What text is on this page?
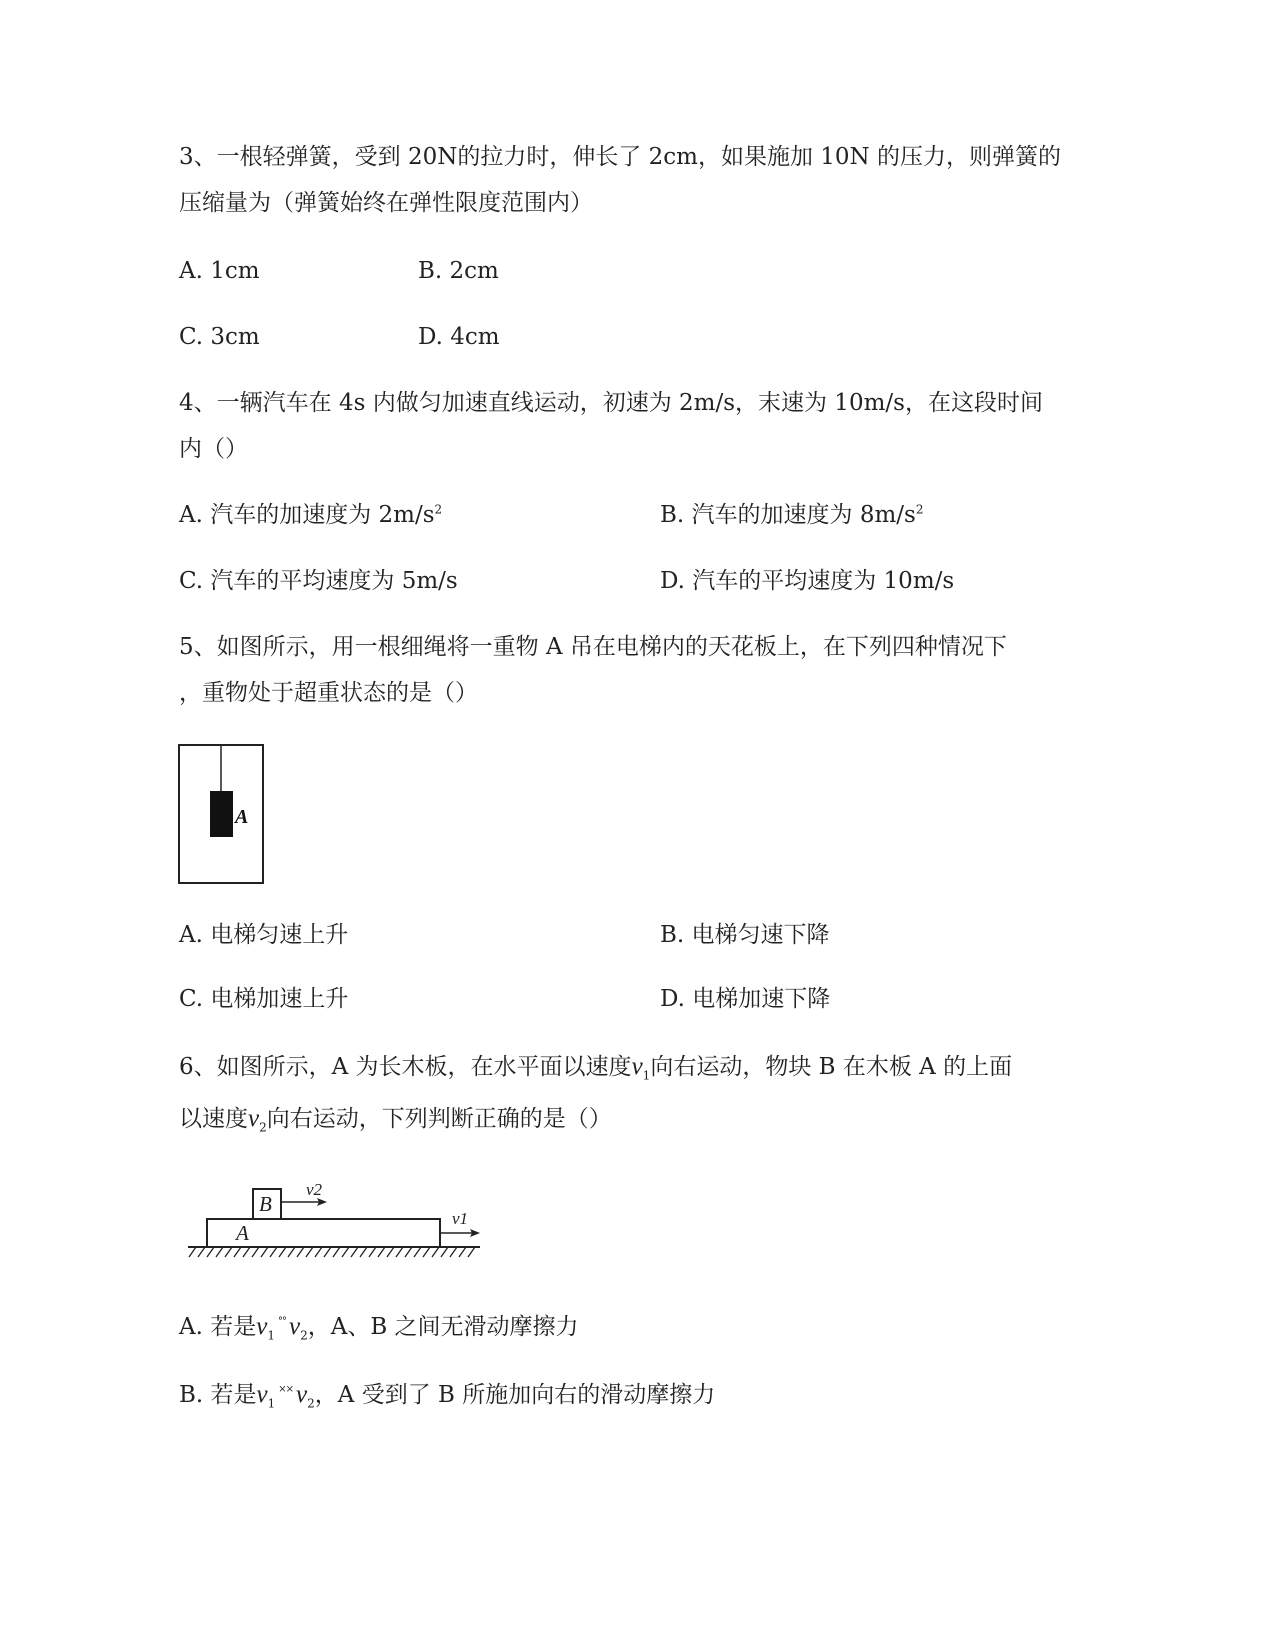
3、一根轻弹簧，受到 20N的拉力时，伸长了 2cm，如果施加 10N 的压力，则弹簧的
压缩量为（弹簧始终在弹性限度范围内）
A. 1cm	B. 2cm
C. 3cm	D. 4cm
4、一辆汽车在 4s 内做匀加速直线运动，初速为 2m/s，末速为 10m/s，在这段时间
内（）
A. 汽车的加速度为 $2m/s^2$	B. 汽车的加速度为 $8m/s^2$
C. 汽车的平均速度为 5m/s	D. 汽车的平均速度为 10m/s
5、如图所示，用一根细绳将一重物 A 吊在电梯内的天花板上，在下列四种情况下
，重物处于超重状态的是（）
A
A. 电梯匀速上升	B. 电梯匀速下降
C. 电梯加速上升	D. 电梯加速下降
6、如图所示，A 为长木板，在水平面以速度$v_1$向右运动，物块 B 在木板 A 的上面
以速度$v_2$向右运动，下列判断正确的是（）
A
B
v2
v1
A. 若是$v_1^{^\circ^\circ}$ $v_2$，A、B 之间无滑动摩擦力
B. 若是$v_1^{\times\times}$ $v_2$，A 受到了 B 所施加向右的滑动摩擦力
